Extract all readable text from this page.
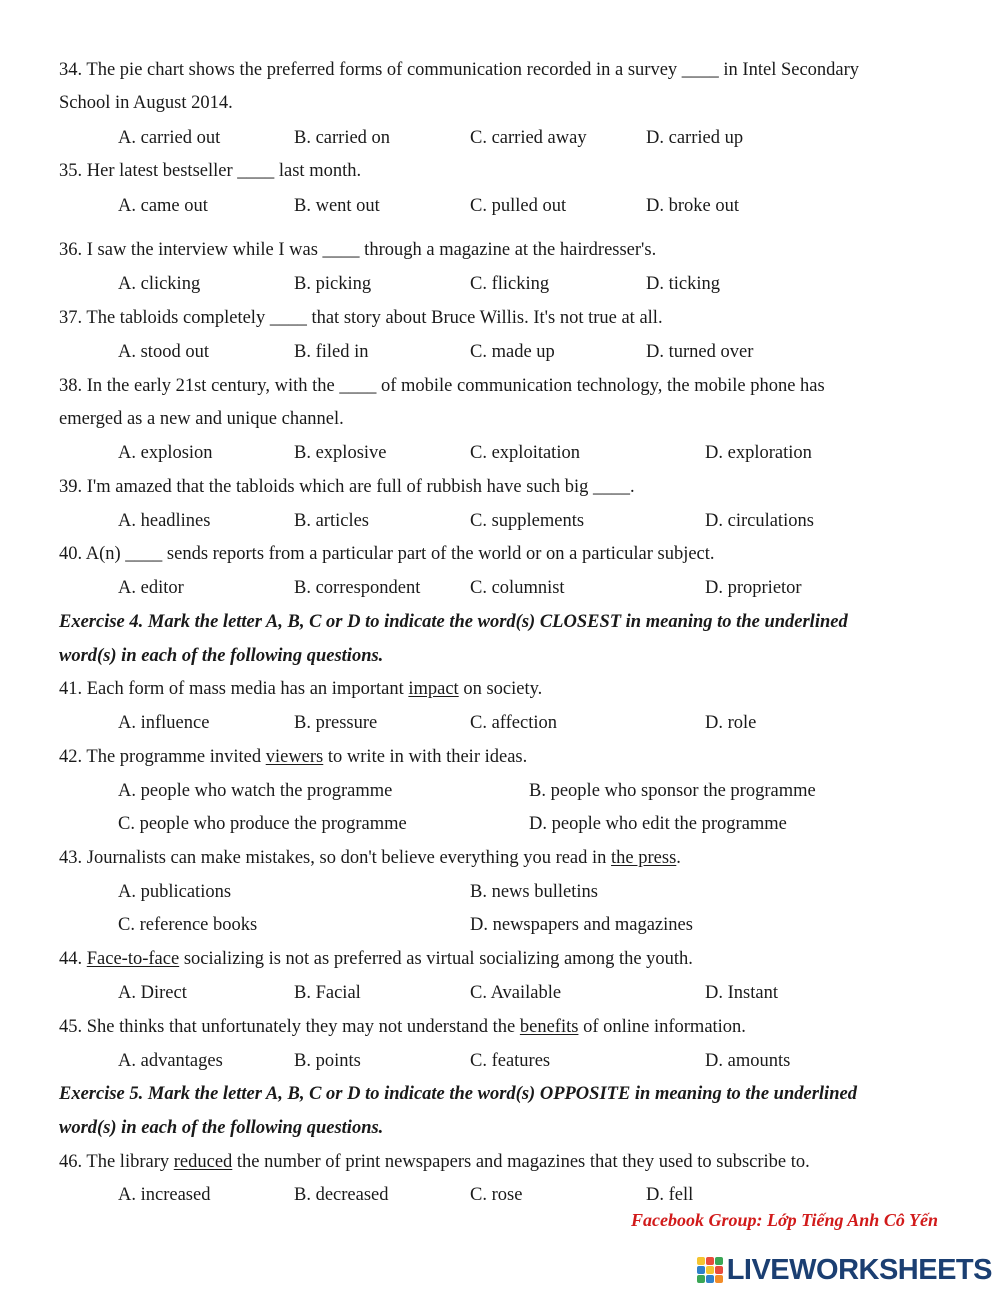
34. The pie chart shows the preferred forms of communication recorded in a survey ____ in Intel Secondary
School in August 2014.
A. carried out	B. carried on	C. carried away	D. carried up
35. Her latest bestseller ____ last month.
A. came out	B. went out	C. pulled out	D. broke out
36. I saw the interview while I was ____ through a magazine at the hairdresser's.
A. clicking	B. picking	C. flicking	D. ticking
37. The tabloids completely ____ that story about Bruce Willis. It's not true at all.
A. stood out	B. filed in	C. made up	D. turned over
38. In the early 21st century, with the ____ of mobile communication technology, the mobile phone has
emerged as a new and unique channel.
A. explosion	B. explosive	C. exploitation	D. exploration
39. I'm amazed that the tabloids which are full of rubbish have such big ____.
A. headlines	B. articles	C. supplements	D. circulations
40. A(n) ____ sends reports from a particular part of the world or on a particular subject.
A. editor	B. correspondent	C. columnist	D. proprietor
Exercise 4. Mark the letter A, B, C or D to indicate the word(s) CLOSEST in meaning to the underlined
word(s) in each of the following questions.
41. Each form of mass media has an important impact on society.
A. influence	B. pressure	C. affection	D. role
42. The programme invited viewers to write in with their ideas.
A. people who watch the programme	B. people who sponsor the programme
C. people who produce the programme	D. people who edit the programme
43. Journalists can make mistakes, so don't believe everything you read in the press.
A. publications	B. news bulletins
C. reference books	D. newspapers and magazines
44. Face-to-face socializing is not as preferred as virtual socializing among the youth.
A. Direct	B. Facial	C. Available	D. Instant
45. She thinks that unfortunately they may not understand the benefits of online information.
A. advantages	B. points	C. features	D. amounts
Exercise 5. Mark the letter A, B, C or D to indicate the word(s) OPPOSITE in meaning to the underlined
word(s) in each of the following questions.
46. The library reduced the number of print newspapers and magazines that they used to subscribe to.
A. increased	B. decreased	C. rose	D. fell
Facebook Group: Lớp Tiếng Anh Cô Yến
LIVEWORKSHEETS
